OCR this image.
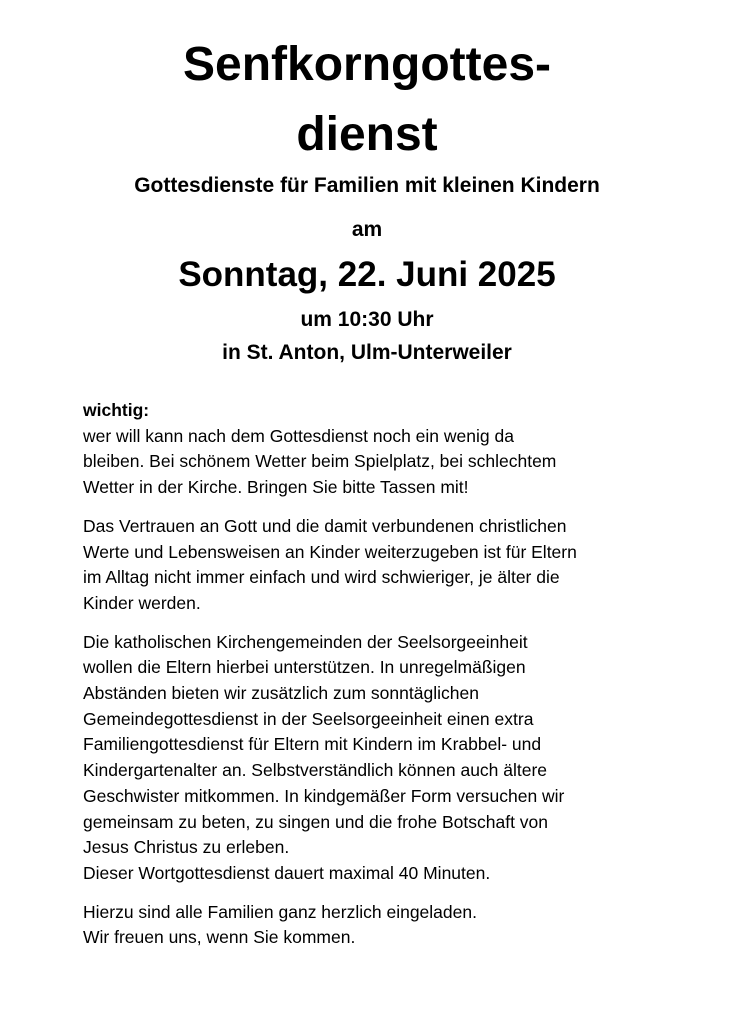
Senfkorngottes-
dienst
Gottesdienste für Familien mit kleinen Kindern
am
Sonntag, 22. Juni 2025
um 10:30 Uhr
in St. Anton, Ulm-Unterweiler

wichtig:
wer will kann nach dem Gottesdienst noch ein wenig da
bleiben. Bei schönem Wetter beim Spielplatz, bei schlechtem
Wetter in der Kirche. Bringen Sie bitte Tassen mit!

Das Vertrauen an Gott und die damit verbundenen christlichen
Werte und Lebensweisen an Kinder weiterzugeben ist für Eltern
im Alltag nicht immer einfach und wird schwieriger, je älter die
Kinder werden.

Die katholischen Kirchengemeinden der Seelsorgeeinheit
wollen die Eltern hierbei unterstützen. In unregelmäßigen
Abständen bieten wir zusätzlich zum sonntäglichen
Gemeindegottesdienst in der Seelsorgeeinheit einen extra
Familiengottesdienst für Eltern mit Kindern im Krabbel- und
Kindergartenalter an. Selbstverständlich können auch ältere
Geschwister mitkommen. In kindgemäßer Form versuchen wir
gemeinsam zu beten, zu singen und die frohe Botschaft von
Jesus Christus zu erleben.
Dieser Wortgottesdienst dauert maximal 40 Minuten.

Hierzu sind alle Familien ganz herzlich eingeladen.
Wir freuen uns, wenn Sie kommen.
